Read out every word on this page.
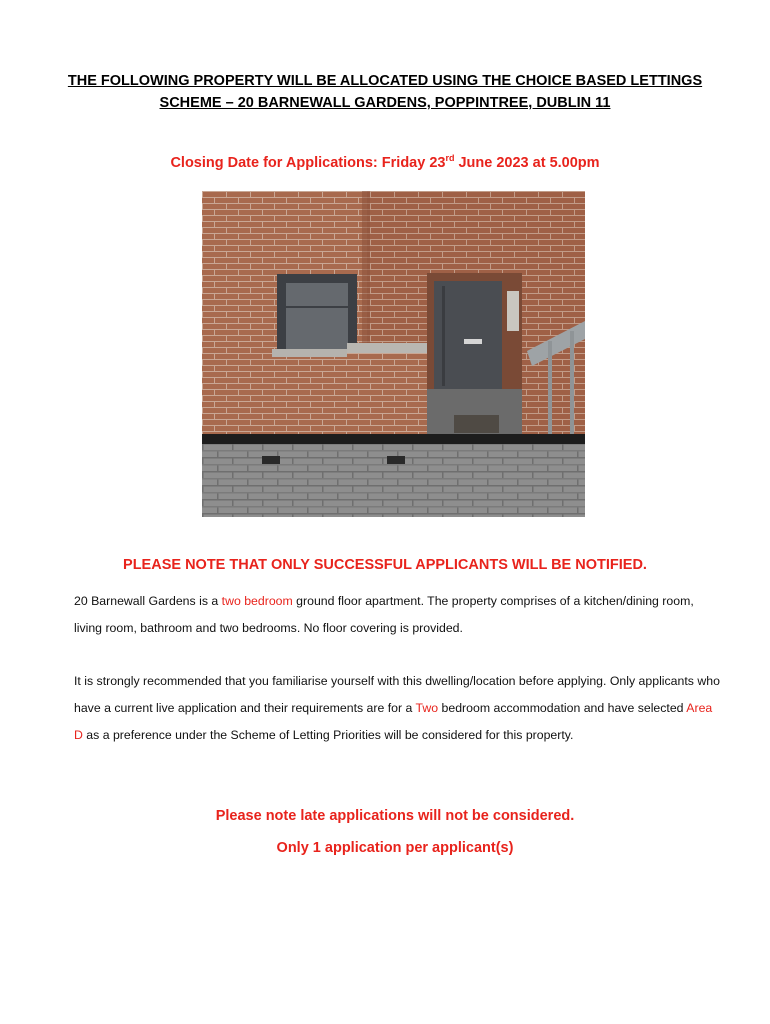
THE FOLLOWING PROPERTY WILL BE ALLOCATED USING THE CHOICE BASED LETTINGS
SCHEME – 20 BARNEWALL GARDENS, POPPINTREE, DUBLIN 11
Closing Date for Applications: Friday 23rd June 2023 at 5.00pm
PLEASE NOTE THAT ONLY SUCCESSFUL APPLICANTS WILL BE NOTIFIED.
20 Barnewall Gardens is a two bedroom ground floor apartment. The property comprises of a kitchen/dining room, living room, bathroom and two bedrooms. No floor covering is provided.
It is strongly recommended that you familiarise yourself with this dwelling/location before applying. Only applicants who have a current live application and their requirements are for a Two bedroom accommodation and have selected Area D as a preference under the Scheme of Letting Priorities will be considered for this property.
Please note late applications will not be considered.
Only 1 application per applicant(s)
